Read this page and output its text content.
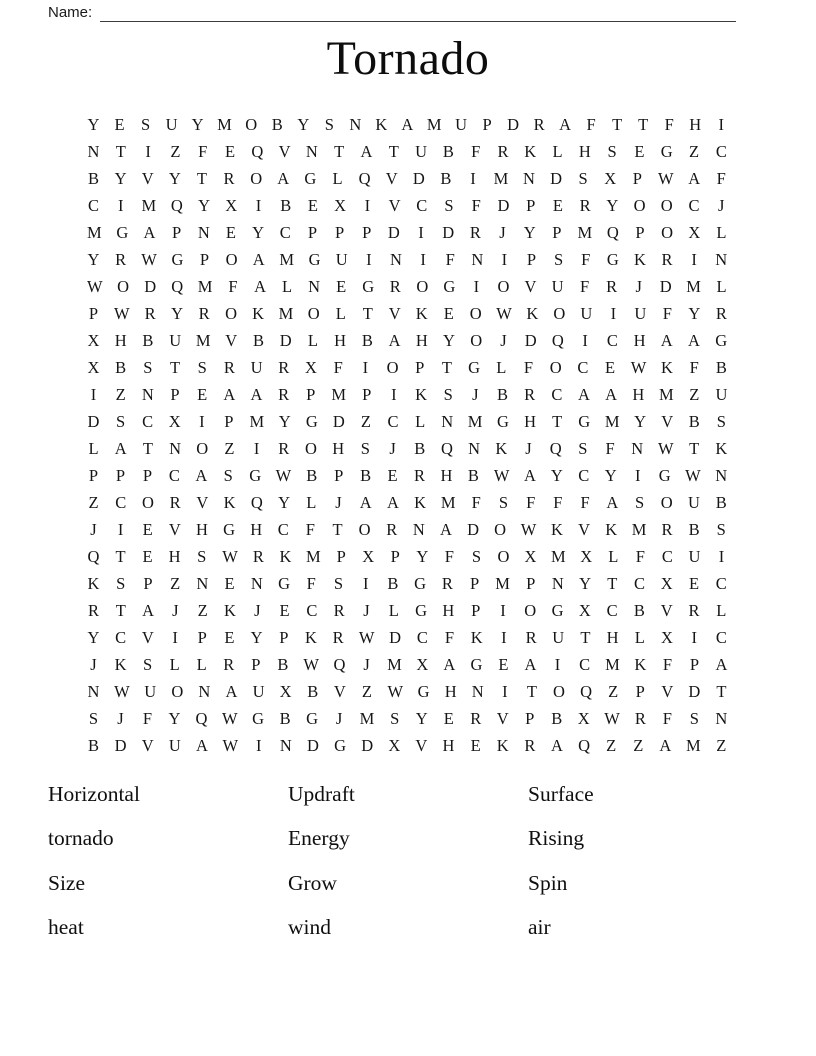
Name:
Tornado
Y E S U Y M O B Y S N K A M U P D R A F T T F H I
N T I Z F E Q V N T A T U B F R K L H S E G Z C
B Y V Y T R O A G L Q V D B I M N D S X P W A F
C I M Q Y X I B E X I V C S F D P E R Y O O C J
M G A P N E Y C P P P D I D R J Y P M Q P O X L
Y R W G P O A M G U I N I F N I P S F G K R I N
W O D Q M F A L N E G R O G I O V U F R J D M L
P W R Y R O K M O L T V K E O W K O U I U F Y R
X H B U M V B D L H B A H Y O J D Q I C H A A G
X B S T S R U R X F I O P T G L F O C E W K F B
I Z N P E A A R P M P I K S J B R C A A H M Z U
D S C X I P M Y G D Z C L N M G H T G M Y V B S
L A T N O Z I R O H S J B Q N K J Q S F N W T K
P P P C A S G W B P B E R H B W A Y C Y I G W N
Z C O R V K Q Y L J A A K M F S F F F A S O U B
J I E V H G H C F T O R N A D O W K V K M R B S
Q T E H S W R K M P X P Y F S O X M X L F C U I
K S P Z N E N G F S I B G R P M P N Y T C X E C
R T A J Z K J E C R J L G H P I O G X C B V R L
Y C V I P E Y P K R W D C F K I R U T H L X I C
J K S L L R P B W Q J M X A G E A I C M K F P A
N W U O N A U X B V Z W G H N I T O Q Z P V D T
S J F Y Q W G B G J M S Y E R V P B X W R F S N
B D V U A W I N D G D X V H E K R A Q Z Z A M Z
Horizontal
tornado
Size
heat
Updraft
Energy
Grow
wind
Surface
Rising
Spin
air
